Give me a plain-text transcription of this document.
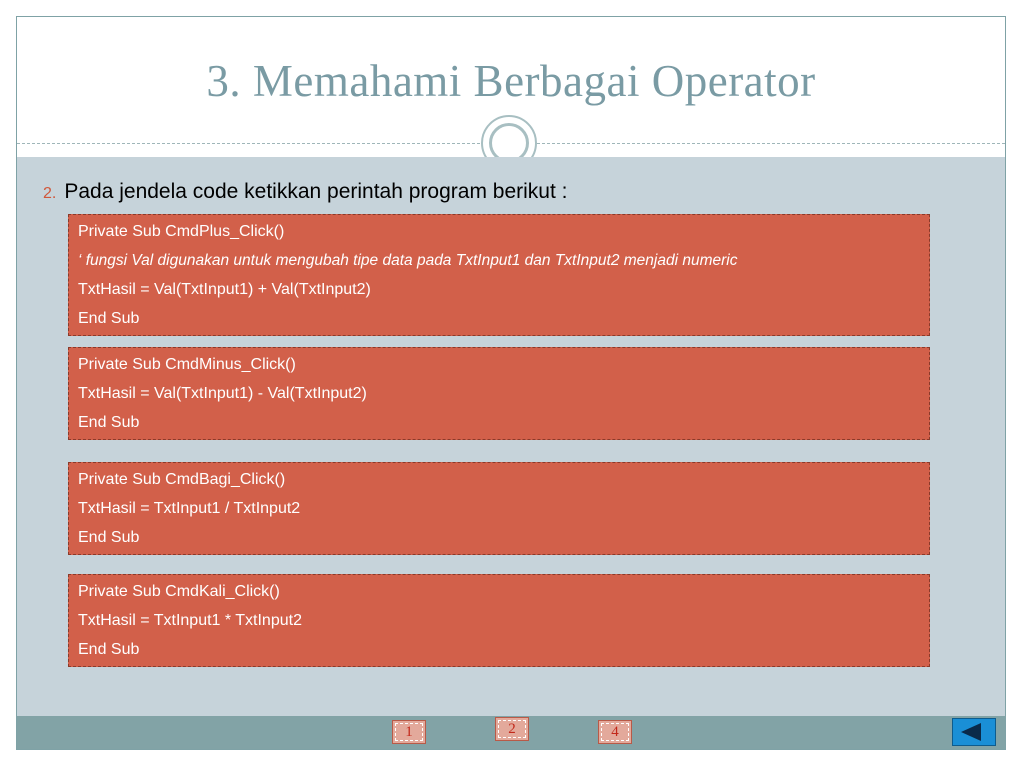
3. Memahami Berbagai Operator
2. Pada jendela code ketikkan perintah program berikut :
Private Sub CmdPlus_Click()
‘ fungsi Val digunakan untuk mengubah tipe data pada TxtInput1 dan TxtInput2 menjadi numeric
TxtHasil = Val(TxtInput1) + Val(TxtInput2)
End Sub
Private Sub CmdMinus_Click()
TxtHasil = Val(TxtInput1) - Val(TxtInput2)
End Sub
Private Sub CmdBagi_Click()
TxtHasil = TxtInput1 / TxtInput2
End Sub
Private Sub CmdKali_Click()
TxtHasil = TxtInput1 * TxtInput2
End Sub
1	2	4
